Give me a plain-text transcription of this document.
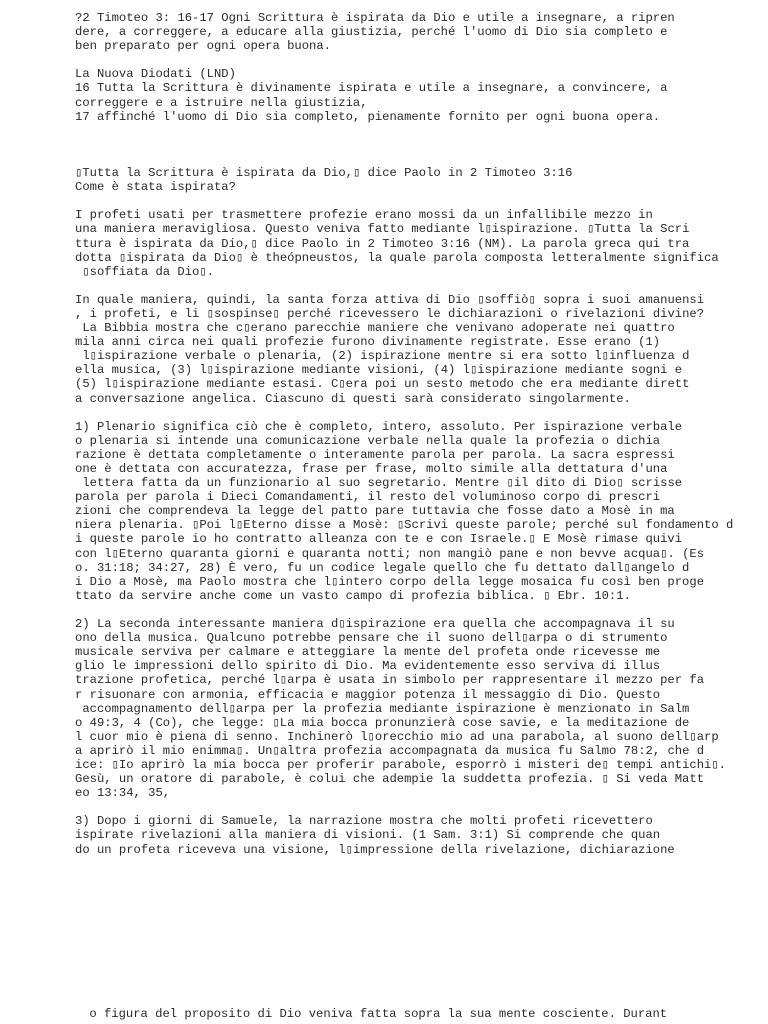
?2 Timoteo 3: 16-17 Ogni Scrittura è ispirata da Dio e utile a insegnare, a ripren
dere, a correggere, a educare alla giustizia, perché l'uomo di Dio sia completo e
ben preparato per ogni opera buona.
La Nuova Diodati (LND)
16 Tutta la Scrittura è divinamente ispirata e utile a insegnare, a convincere, a
correggere e a istruire nella giustizia,
17 affinché l'uomo di Dio sia completo, pienamente fornito per ogni buona opera.
▯Tutta la Scrittura è ispirata da Dio,▯ dice Paolo in 2 Timoteo 3:16
Come è stata ispirata?
I profeti usati per trasmettere profezie erano mossi da un infallibile mezzo in
una maniera meravigliosa. Questo veniva fatto mediante l▯ispirazione. ▯Tutta la Scri
ttura è ispirata da Dio,▯ dice Paolo in 2 Timoteo 3:16 (NM). La parola greca qui tra
dotta ▯ispirata da Dio▯ è theópneustos, la quale parola composta letteralmente significa
▯soffiata da Dio▯.
In quale maniera, quindi, la santa forza attiva di Dio ▯soffiò▯ sopra i suoi amanuensi
, i profeti, e li ▯sospinse▯ perché ricevessero le dichiarazioni o rivelazioni divine?
La Bibbia mostra che c▯erano parecchie maniere che venivano adoperate nei quattro
mila anni circa nei quali profezie furono divinamente registrate. Esse erano (1)
l▯ispirazione verbale o plenaria, (2) ispirazione mentre si era sotto l▯influenza d
ella musica, (3) l▯ispirazione mediante visioni, (4) l▯ispirazione mediante sogni e
(5) l▯ispirazione mediante estasi. C▯era poi un sesto metodo che era mediante dirett
a conversazione angelica. Ciascuno di questi sarà considerato singolarmente.
1) Plenario significa ciò che è completo, intero, assoluto. Per ispirazione verbale
o plenaria si intende una comunicazione verbale nella quale la profezia o dichia
razione è dettata completamente o interamente parola per parola. La sacra espressi
one è dettata con accuratezza, frase per frase, molto simile alla dettatura d'una
lettera fatta da un funzionario al suo segretario. Mentre ▯il dito di Dio▯ scrisse
parola per parola i Dieci Comandamenti, il resto del voluminoso corpo di prescri
zioni che comprendeva la legge del patto pare tuttavia che fosse dato a Mosè in ma
niera plenaria. ▯Poi l▯Eterno disse a Mosè: ▯Scrivi queste parole; perché sul fondamento d
i queste parole io ho contratto alleanza con te e con Israele.▯ E Mosè rimase quivi
con l▯Eterno quaranta giorni e quaranta notti; non mangiò pane e non bevve acqua▯. (Es
o. 31:18; 34:27, 28) È vero, fu un codice legale quello che fu dettato dall▯angelo d
i Dio a Mosè, ma Paolo mostra che l▯intero corpo della legge mosaica fu così ben proge
ttato da servire anche come un vasto campo di profezia biblica. ▯ Ebr. 10:1.
2) La seconda interessante maniera d▯ispirazione era quella che accompagnava il su
ono della musica. Qualcuno potrebbe pensare che il suono dell▯arpa o di strumento
musicale serviva per calmare e atteggiare la mente del profeta onde ricevesse me
glio le impressioni dello spirito di Dio. Ma evidentemente esso serviva di illus
trazione profetica, perché l▯arpa è usata in simbolo per rappresentare il mezzo per fa
r risuonare con armonia, efficacia e maggior potenza il messaggio di Dio. Questo
accompagnamento dell▯arpa per la profezia mediante ispirazione è menzionato in Salm
o 49:3, 4 (Co), che legge: ▯La mia bocca pronunzierà cose savie, e la meditazione de
l cuor mio è piena di senno. Inchinerò l▯orecchio mio ad una parabola, al suono dell▯arp
a aprirò il mio enimma▯. Un▯altra profezia accompagnata da musica fu Salmo 78:2, che d
ice: ▯Io aprirò la mia bocca per proferir parabole, esporrò i misteri de▯ tempi antichi▯.
Gesù, un oratore di parabole, è colui che adempie la suddetta profezia. ▯ Si veda Matt
eo 13:34, 35,
3) Dopo i giorni di Samuele, la narrazione mostra che molti profeti ricevettero
ispirate rivelazioni alla maniera di visioni. (1 Sam. 3:1) Si comprende che quan
do un profeta riceveva una visione, l▯impressione della rivelazione, dichiarazione
o figura del proposito di Dio veniva fatta sopra la sua mente cosciente. Durant
